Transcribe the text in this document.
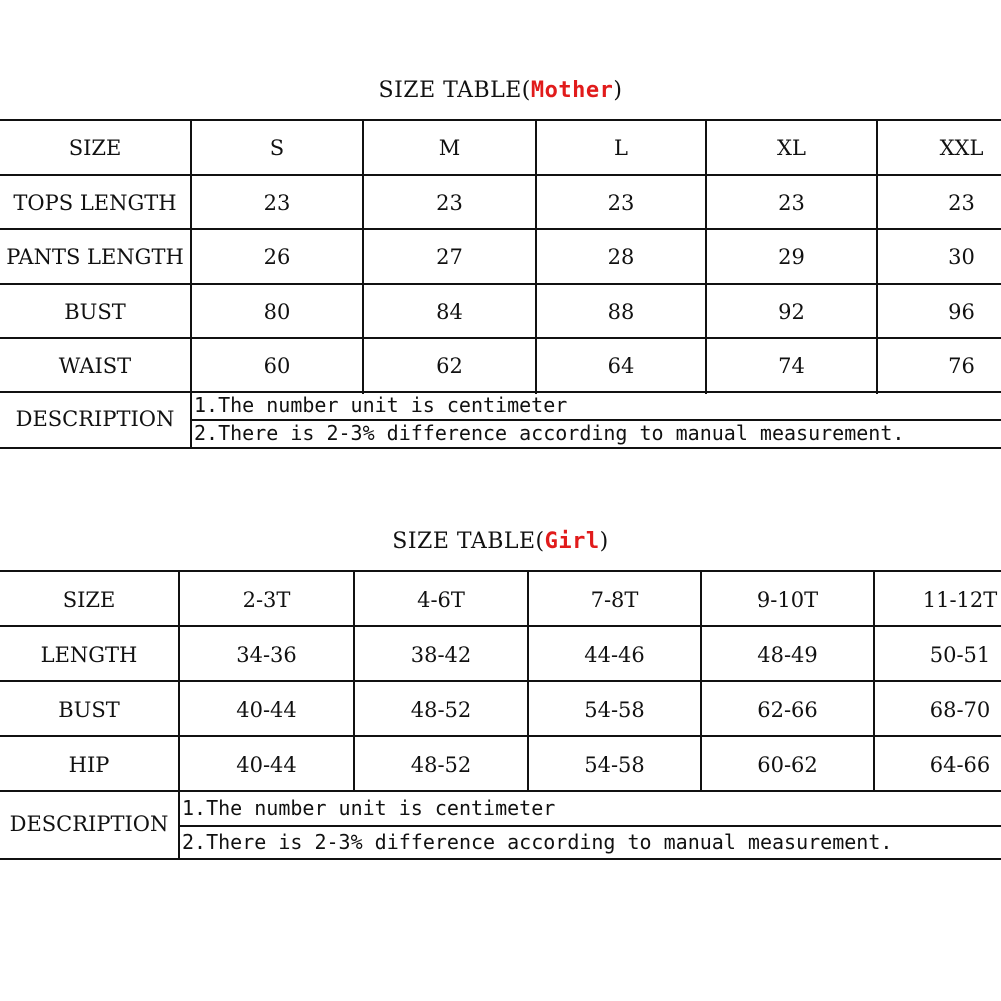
SIZE TABLE(Mother)
SIZE TABLE(Girl)
SIZE	S	M	L	XL	XXL
TOPS LENGTH	23	23	23	23	23
PANTS LENGTH	26	27	28	29	30
BUST	80	84	88	92	96
WAIST	60	62	64	74	76
DESCRIPTION
1.The number unit is centimeter
2.There is 2-3% difference according to manual measurement.
SIZE	2-3T	4-6T	7-8T	9-10T	11-12T
LENGTH	34-36	38-42	44-46	48-49	50-51
BUST	40-44	48-52	54-58	62-66	68-70
HIP	40-44	48-52	54-58	60-62	64-66
DESCRIPTION
1.The number unit is centimeter
2.There is 2-3% difference according to manual measurement.
